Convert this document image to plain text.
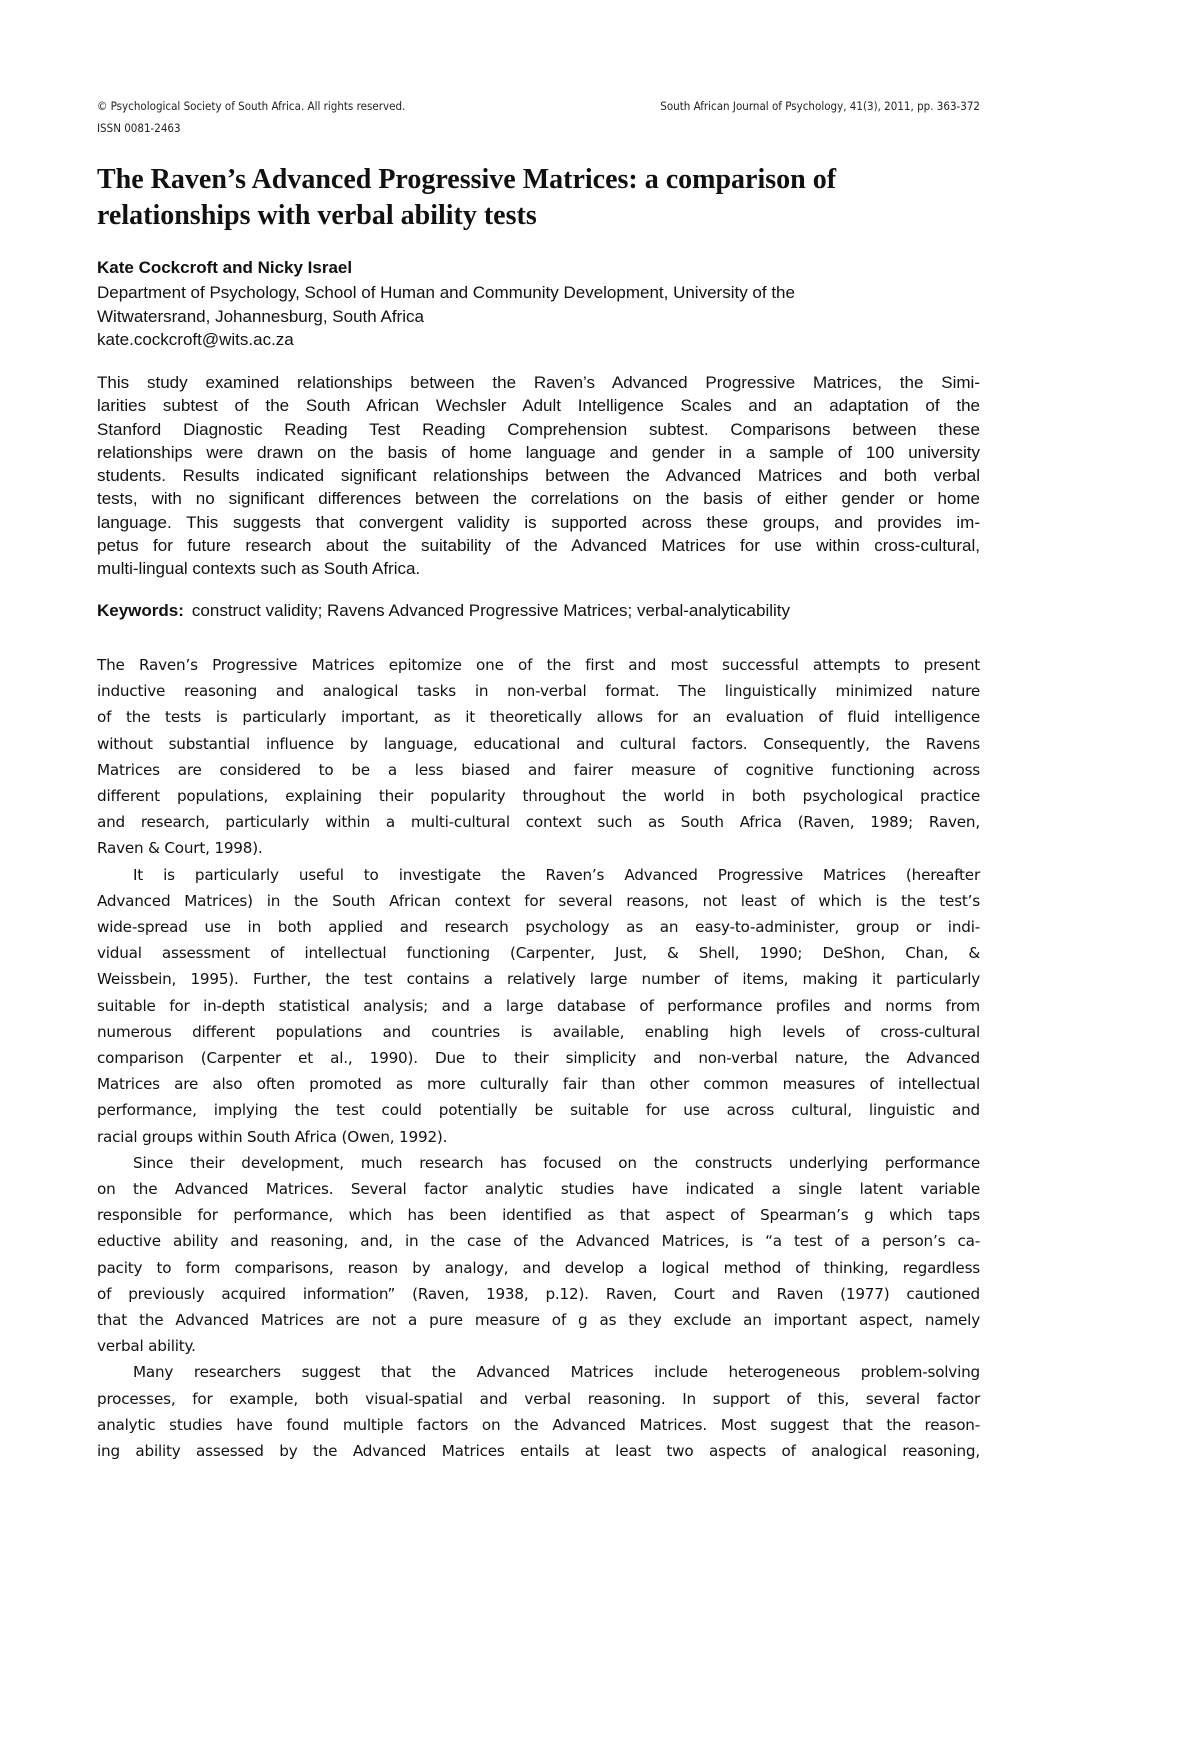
© Psychological Society of South Africa. All rights reserved.
ISSN 0081-2463
South African Journal of Psychology, 41(3), 2011, pp. 363-372
The Raven’s Advanced Progressive Matrices: a comparison of
relationships with verbal ability tests
Kate Cockcroft and Nicky Israel
Department of Psychology, School of Human and Community Development, University of the
Witwatersrand, Johannesburg, South Africa
kate.cockcroft@wits.ac.za
This study examined relationships between the Raven’s Advanced Progressive Matrices, the Simi-
larities subtest of the South African Wechsler Adult Intelligence Scales and an adaptation of the
Stanford Diagnostic Reading Test Reading Comprehension subtest. Comparisons between these
relationships were drawn on the basis of home language and gender in a sample of 100 university
students. Results indicated significant relationships between the Advanced Matrices and both verbal
tests, with no significant differences between the correlations on the basis of either gender or home
language. This suggests that convergent validity is supported across these groups, and provides im-
petus for future research about the suitability of the Advanced Matrices for use within cross-cultural,
multi-lingual contexts such as South Africa.
Keywords: construct validity; Ravens Advanced Progressive Matrices; verbal-analyticability
The Raven’s Progressive Matrices epitomize one of the first and most successful attempts to present
inductive reasoning and analogical tasks in non-verbal format. The linguistically minimized nature
of the tests is particularly important, as it theoretically allows for an evaluation of fluid intelligence
without substantial influence by language, educational and cultural factors. Consequently, the Ravens
Matrices are considered to be a less biased and fairer measure of cognitive functioning across
different populations, explaining their popularity throughout the world in both psychological practice
and research, particularly within a multi-cultural context such as South Africa (Raven, 1989; Raven,
Raven & Court, 1998).
It is particularly useful to investigate the Raven’s Advanced Progressive Matrices (hereafter
Advanced Matrices) in the South African context for several reasons, not least of which is the test’s
wide-spread use in both applied and research psychology as an easy-to-administer, group or indi-
vidual assessment of intellectual functioning (Carpenter, Just, & Shell, 1990; DeShon, Chan, &
Weissbein, 1995). Further, the test contains a relatively large number of items, making it particularly
suitable for in-depth statistical analysis; and a large database of performance profiles and norms from
numerous different populations and countries is available, enabling high levels of cross-cultural
comparison (Carpenter et al., 1990). Due to their simplicity and non-verbal nature, the Advanced
Matrices are also often promoted as more culturally fair than other common measures of intellectual
performance, implying the test could potentially be suitable for use across cultural, linguistic and
racial groups within South Africa (Owen, 1992).
Since their development, much research has focused on the constructs underlying performance
on the Advanced Matrices. Several factor analytic studies have indicated a single latent variable
responsible for performance, which has been identified as that aspect of Spearman’s g which taps
eductive ability and reasoning, and, in the case of the Advanced Matrices, is “a test of a person’s ca-
pacity to form comparisons, reason by analogy, and develop a logical method of thinking, regardless
of previously acquired information” (Raven, 1938, p.12). Raven, Court and Raven (1977) cautioned
that the Advanced Matrices are not a pure measure of g as they exclude an important aspect, namely
verbal ability.
Many researchers suggest that the Advanced Matrices include heterogeneous problem-solving
processes, for example, both visual-spatial and verbal reasoning. In support of this, several factor
analytic studies have found multiple factors on the Advanced Matrices. Most suggest that the reason-
ing ability assessed by the Advanced Matrices entails at least two aspects of analogical reasoning,
